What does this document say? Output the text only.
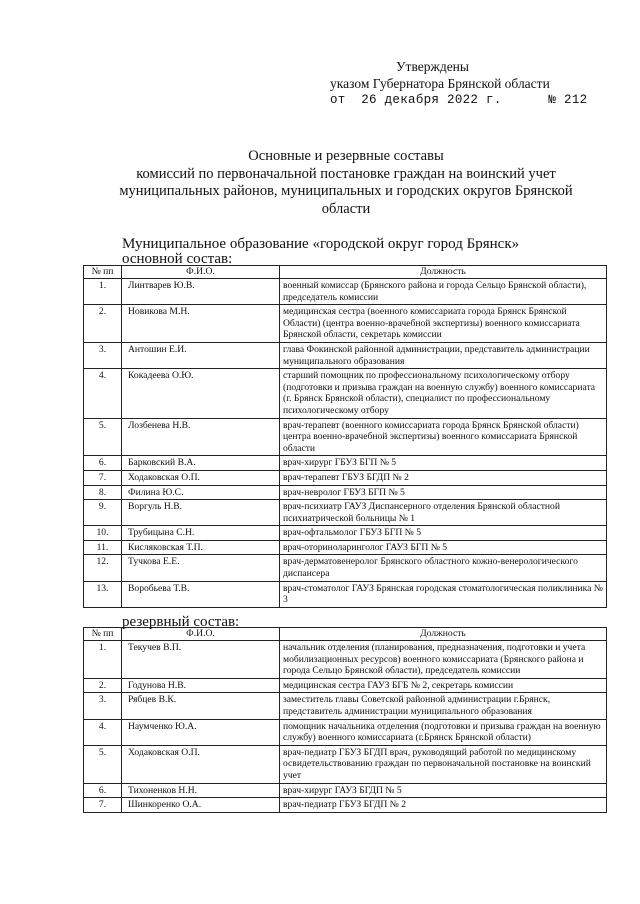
Утверждены
указом Губернатора Брянской области
от  26 декабря 2022 г.      № 212
Основные и резервные составы
комиссий по первоначальной постановке граждан на воинский учет
муниципальных районов, муниципальных и городских округов Брянской
области
Муниципальное образование «городской округ город Брянск»
основной состав:
№ пп	Ф.И.О.	Должность
1.	Линтварев Ю.В.	военный комиссар (Брянского района и города Сельцо Брянской области), председатель комиссии
2.	Новикова М.Н.	медицинская сестра (военного комиссариата города Брянск Брянской Области) (центра военно-врачебной экспертизы) военного комиссариата Брянской области, секретарь комиссии
3.	Антошин Е.И.	глава Фокинской районной администрации, представитель администрации муниципального образования
4.	Кокадеева О.Ю.	старший помощник по профессиональному психологическому отбору (подготовки и призыва граждан на военную службу) военного комиссариата (г. Брянск Брянской области), специалист по профессиональному психологическому отбору
5.	Лозбенева Н.В.	врач-терапевт (военного комиссариата города Брянск Брянской области) центра военно-врачебной экспертизы) военного комиссариата Брянской области
6.	Барковский В.А.	врач-хирург ГБУЗ БГП № 5
7.	Ходаковская О.П.	врач-терапевт ГБУЗ БГДП № 2
8.	Филина Ю.С.	врач-невролог ГБУЗ БГП № 5
9.	Воргуль Н.В.	врач-психиатр ГАУЗ Диспансерного отделения Брянской областной психиатрической больницы № 1
10.	Трубицына С.Н.	врач-офтальмолог ГБУЗ БГП № 5
11.	Кисляковская Т.П.	врач-оториноларинголог ГАУЗ БГП № 5
12.	Тучкова Е.Е.	врач-дерматовенеролог Брянского областного кожно-венерологического диспансера
13.	Воробьева Т.В.	врач-стоматолог ГАУЗ Брянская городская стоматологическая поликлиника № 3
резервный состав:
№ пп	Ф.И.О.	Должность
1.	Текучев В.П.	начальник отделения (планирования, предназначения, подготовки и учета мобилизационных ресурсов) военного комиссариата (Брянского района и города Сельцо Брянской области), председатель комиссии
2.	Годунова Н.В.	медицинская сестра ГАУЗ БГБ № 2, секретарь комиссии
3.	Рябцев В.К.	заместитель главы Советской районной администрации г.Брянск, представитель администрации муниципального образования
4.	Наумченко Ю.А.	помощник начальника отделения (подготовки и призыва граждан на военную службу) военного комиссариата (г.Брянск Брянской области)
5.	Ходаковская О.П.	врач-педиатр ГБУЗ БГДП врач, руководящий работой по медицинскому освидетельствованию граждан по первоначальной постановке на воинский учет
6.	Тихоненков Н.Н.	врач-хирург ГАУЗ БГДП № 5
7.	Шинкоренко О.А.	врач-педиатр ГБУЗ БГДП № 2
